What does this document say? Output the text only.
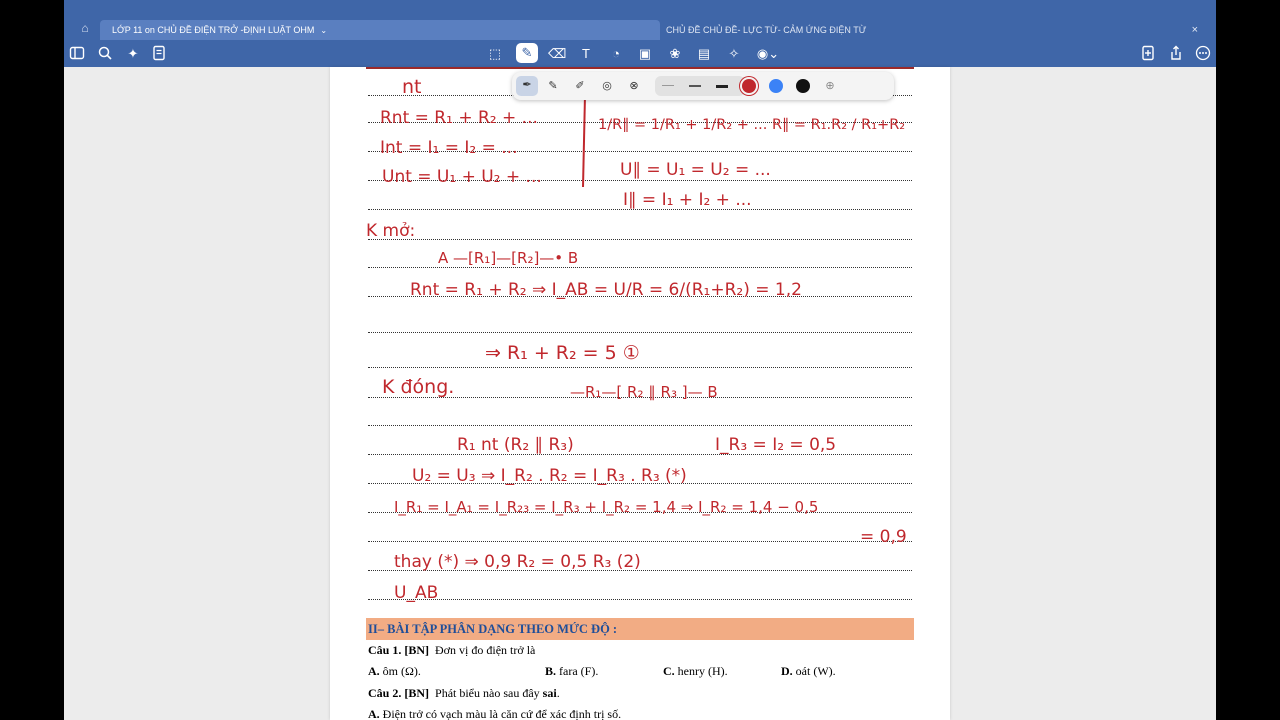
⌂	LỚP 11 on CHỦ ĐỀ ĐIỆN TRỞ -ĐỊNH LUẬT OHM ⌄	CHỦ ĐỀ CHỦ ĐỀ- LỰC TỪ- CẢM ỨNG ĐIỆN TỪ	×
✦	⬚	✎	⌫	T	◔	▣ ❀ ▤ ✧ ◉⌄
nt
Rnt = R₁ + R₂ + ...
Int = I₁ = I₂ = ...
Unt = U₁ + U₂ + ...
1/R∥ = 1/R₁ + 1/R₂ + ... R∥ = R₁.R₂ / R₁+R₂
U∥ = U₁ = U₂ = ...
I∥ = I₁ + I₂ + ...
K mở:
A —[R₁]—[R₂]—• B
Rnt = R₁ + R₂ ⇒ I_AB = U/R = 6/(R₁+R₂) = 1,2
⇒ R₁ + R₂ = 5 ①
K đóng.	—R₁—[ R₂ ∥ R₃ ]— B
R₁ nt (R₂ ∥ R₃)	I_R₃ = I₂ = 0,5
U₂ = U₃ ⇒ I_R₂ . R₂ = I_R₃ . R₃ (*)
I_R₁ = I_A₁ = I_R₂₃ = I_R₃ + I_R₂ = 1,4 ⇒ I_R₂ = 1,4 − 0,5
= 0,9
thay (*) ⇒ 0,9 R₂ = 0,5 R₃ (2)
U_AB
II– BÀI TẬP PHÂN DẠNG THEO MỨC ĐỘ :
Câu 1. [BN] Đơn vị đo điện trở là
A. ôm (Ω).	B. fara (F).	C. henry (H).	D. oát (W).
Câu 2. [BN] Phát biểu nào sau đây sai.
A. Điện trở có vạch màu là căn cứ để xác định trị số.
✒	✎	✐	◎	⊗	⊕
